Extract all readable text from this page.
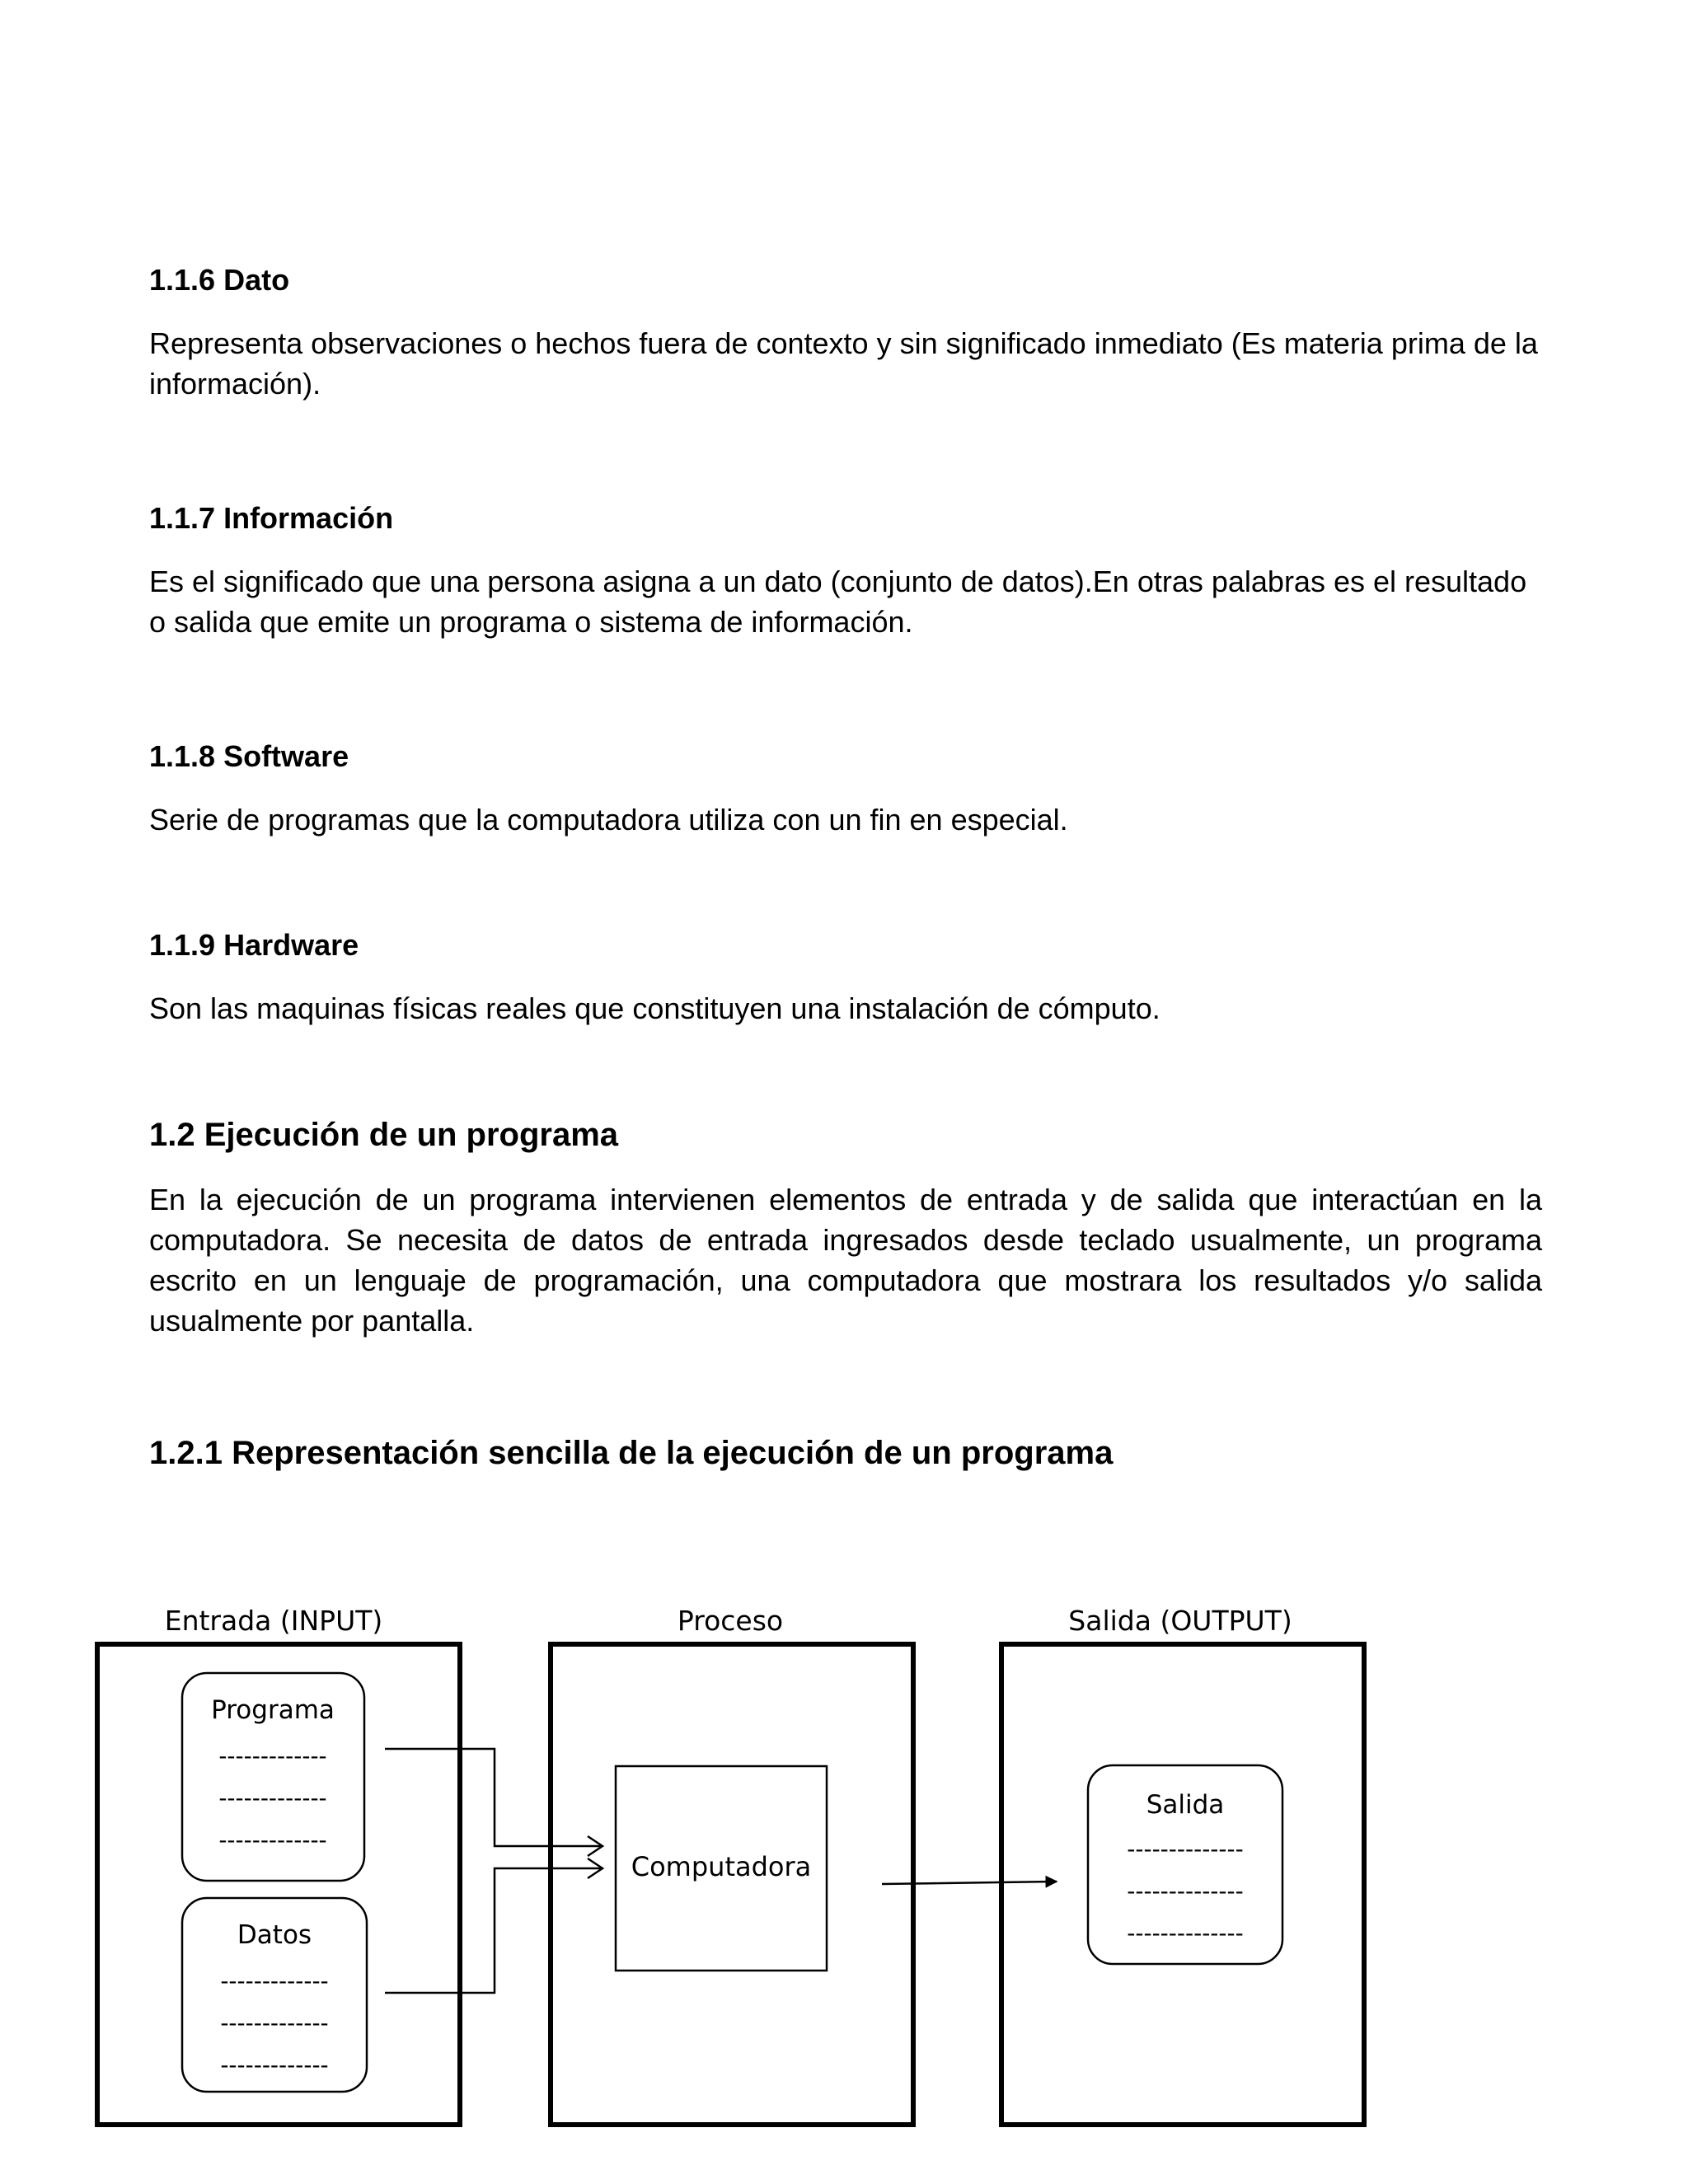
1.1.6 Dato

Representa observaciones o hechos fuera de contexto y sin significado inmediato (Es materia prima de la información).

1.1.7 Información

Es el significado que una persona asigna a un dato (conjunto de datos).En otras palabras es el resultado o salida que emite un programa o sistema de información.

1.1.8 Software

Serie de programas que la computadora utiliza con un fin en especial.

1.1.9 Hardware

Son las maquinas físicas reales que constituyen una instalación de cómputo.

1.2 Ejecución de un programa

En la ejecución de un programa intervienen elementos de entrada y de salida que interactúan en la computadora. Se necesita de datos de entrada ingresados desde teclado usualmente, un programa escrito en un lenguaje de programación, una computadora que mostrara los resultados y/o salida usualmente por pantalla.

1.2.1 Representación sencilla de la ejecución de un programa

Entrada (INPUT)	Proceso	Salida (OUTPUT)
Programa
-------------
-------------
-------------
Datos
-------------
-------------
-------------
Computadora
Salida
--------------
--------------
--------------
